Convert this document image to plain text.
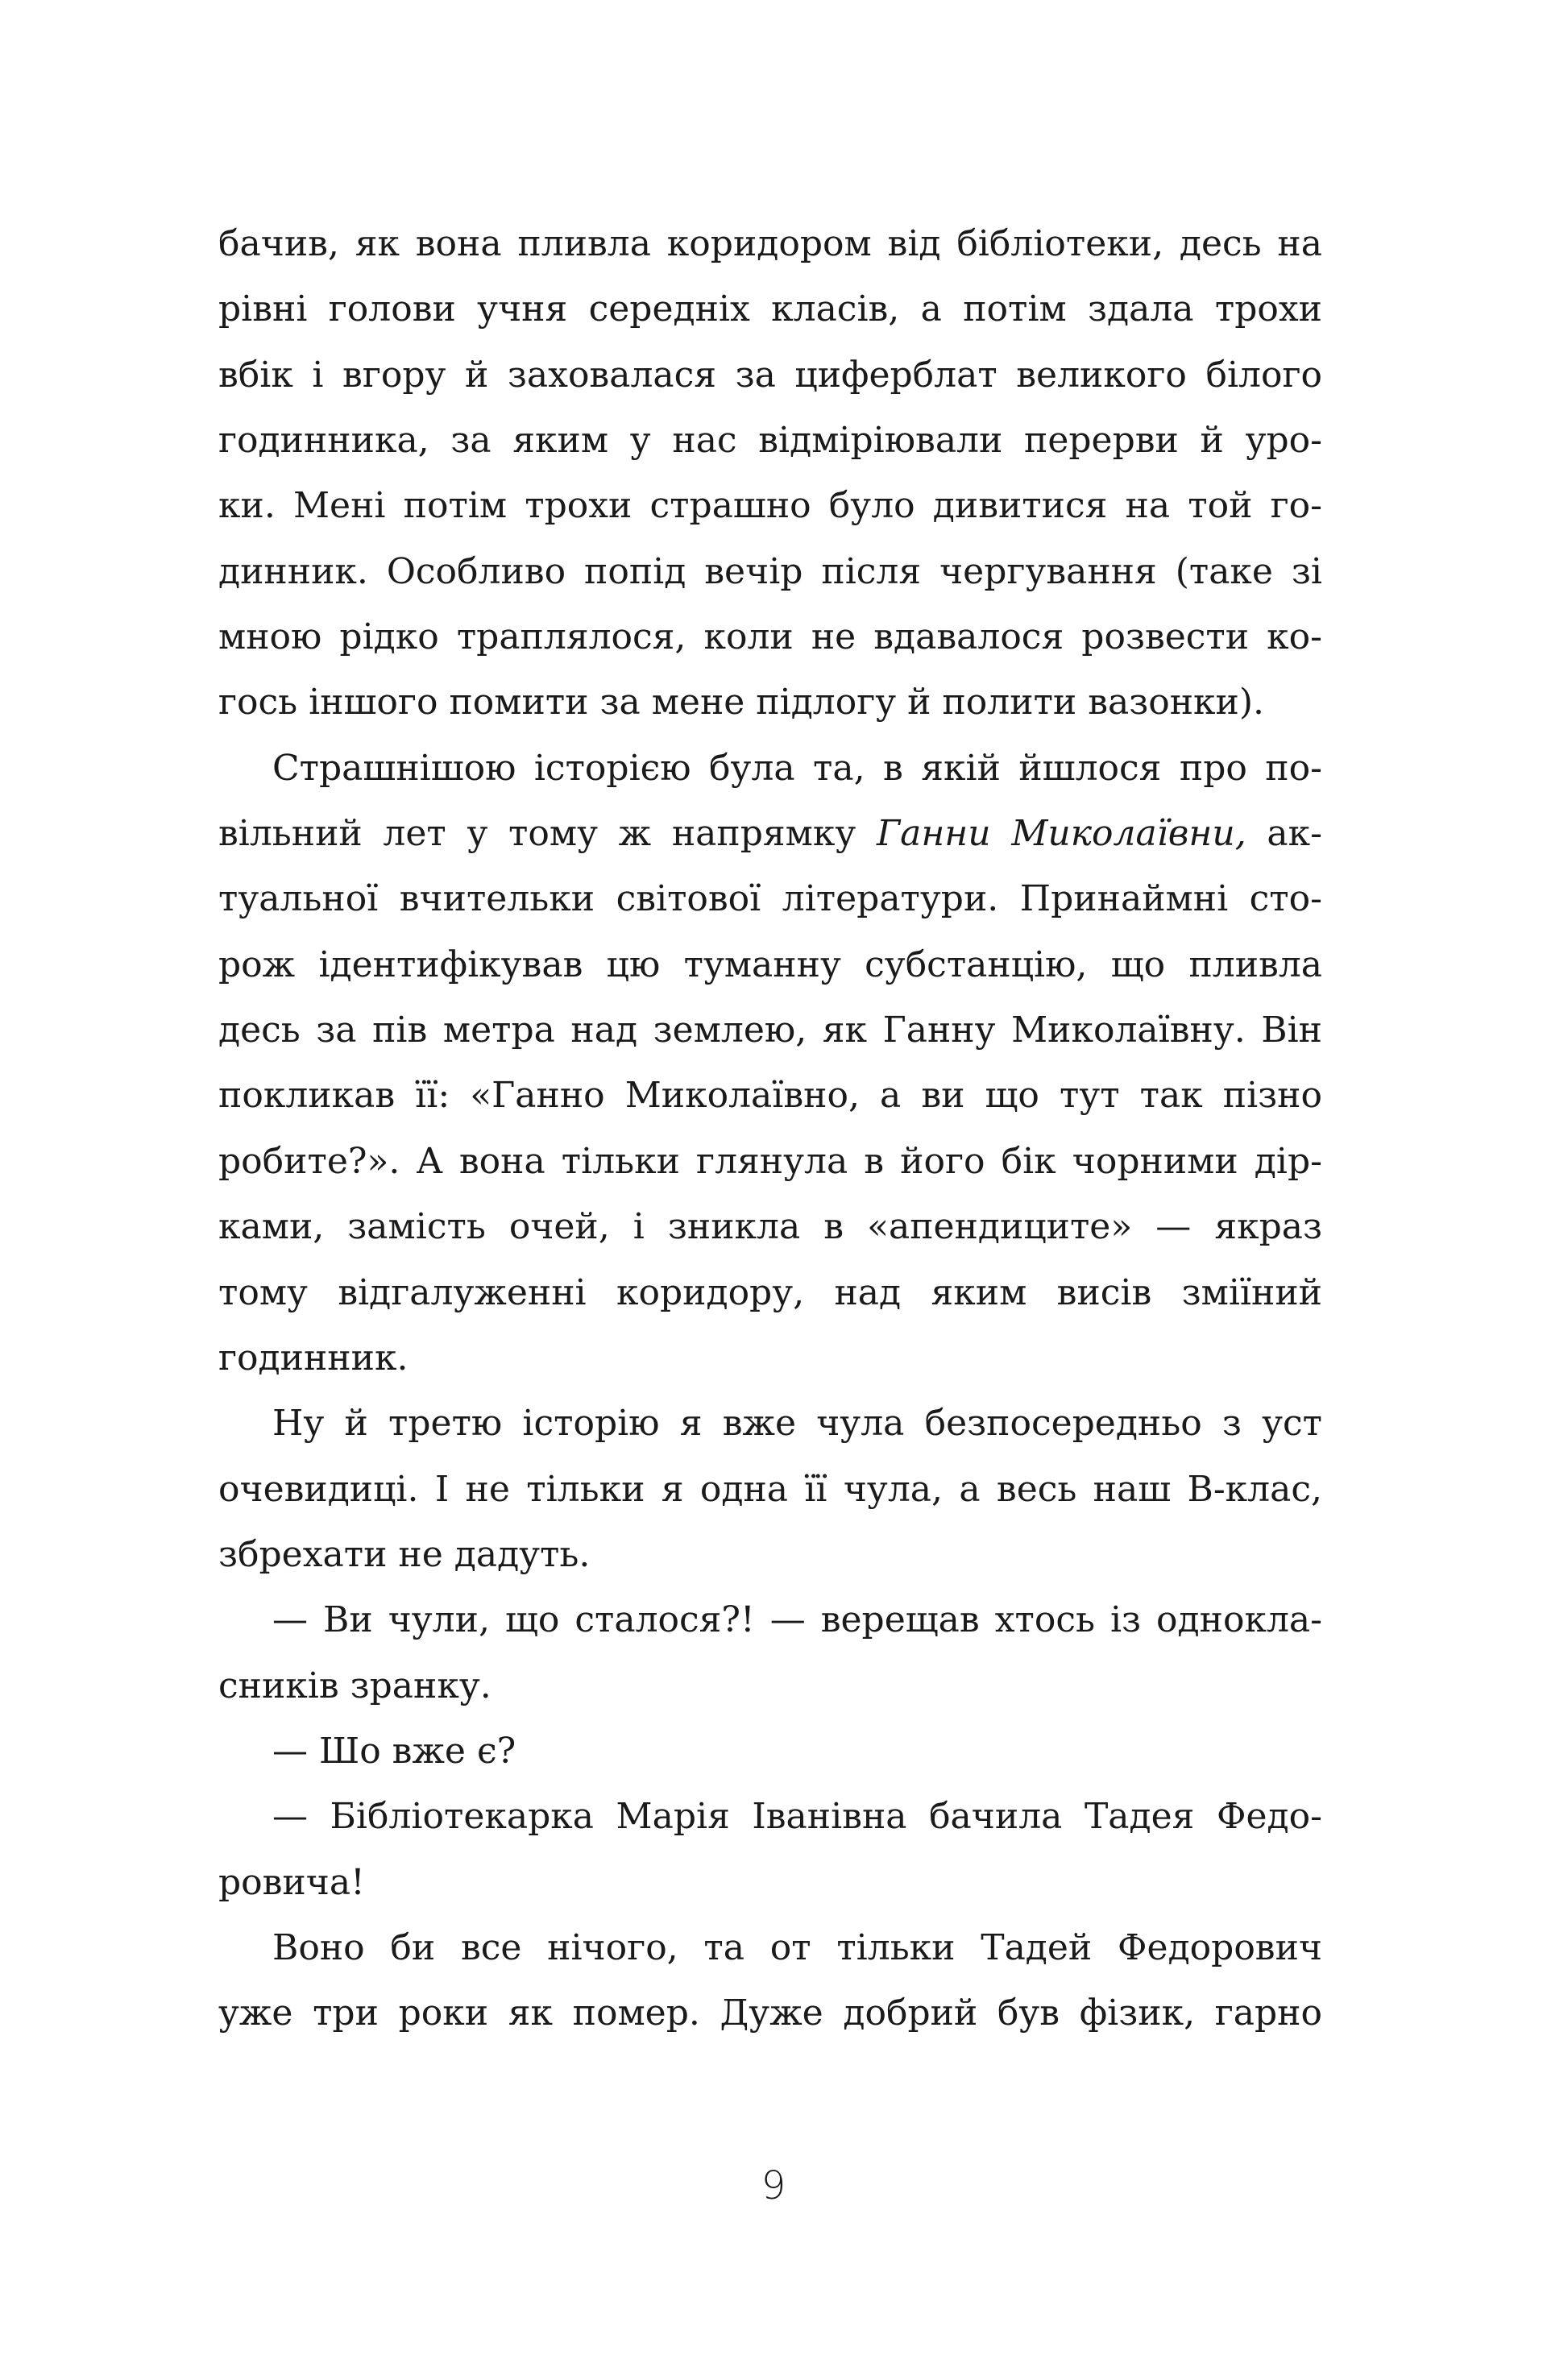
бачив, як вона пливла коридором від бібліотеки, десь на
рівні голови учня середніх класів, а потім здала трохи
вбік і вгору й заховалася за циферблат великого білого
годинника, за яким у нас відміріювали перерви й уро-
ки. Мені потім трохи страшно було дивитися на той го-
динник. Особливо попід вечір після чергування (таке зі
мною рідко траплялося, коли не вдавалося розвести ко-
гось іншого помити за мене підлогу й полити вазонки).
Страшнішою історією була та, в якій йшлося про по-
вільний лет у тому ж напрямку Ганни Миколаївни, ак-
туальної вчительки світової літератури. Принаймні сто-
рож ідентифікував цю туманну субстанцію, що пливла
десь за пів метра над землею, як Ганну Миколаївну. Він
покликав її: «Ганно Миколаївно, а ви що тут так пізно
робите?». А вона тільки глянула в його бік чорними дір-
ками, замість очей, і зникла в «апендиците» — якраз
тому відгалуженні коридору, над яким висів зміїний
годинник.
Ну й третю історію я вже чула безпосередньо з уст
очевидиці. І не тільки я одна її чула, а весь наш В-клас,
збрехати не дадуть.
— Ви чули, що сталося?! — верещав хтось із однокла-
сників зранку.
— Шо вже є?
— Бібліотекарка Марія Іванівна бачила Тадея Федо-
ровича!
Воно би все нічого, та от тільки Тадей Федорович
уже три роки як помер. Дуже добрий був фізик, гарно
9
